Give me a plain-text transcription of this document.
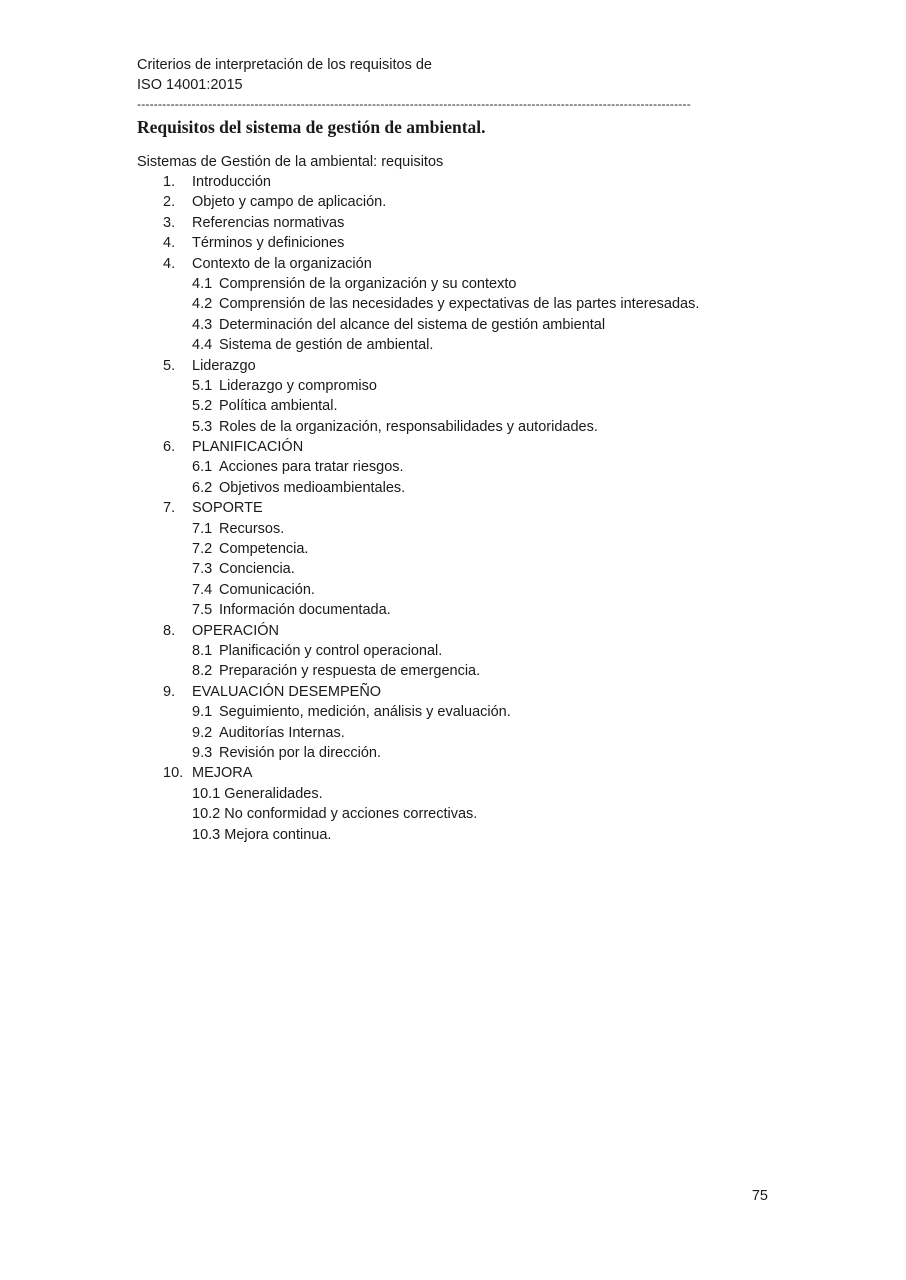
Criterios de interpretación de los requisitos de
ISO 14001:2015
------------------------------------------------------------------------------------------------------------------------------------
Requisitos del sistema de gestión de ambiental.
Sistemas de Gestión de la ambiental: requisitos
1.	Introducción
2.	Objeto y campo de aplicación.
3.	Referencias normativas
4.	Términos y definiciones
4.	Contexto de la organización
4.1 Comprensión de la organización y su contexto
4.2 Comprensión de las necesidades y expectativas de las partes interesadas.
4.3 Determinación del alcance del sistema de gestión ambiental
4.4 Sistema de gestión de ambiental.
5.	Liderazgo
5.1 Liderazgo y compromiso
5.2 Política ambiental.
5.3 Roles de la organización, responsabilidades y autoridades.
6.	PLANIFICACIÓN
6.1 Acciones para tratar riesgos.
6.2 Objetivos medioambientales.
7.	SOPORTE
7.1 Recursos.
7.2 Competencia.
7.3 Conciencia.
7.4 Comunicación.
7.5 Información documentada.
8.	OPERACIÓN
8.1 Planificación y control operacional.
8.2 Preparación y respuesta de emergencia.
9.	EVALUACIÓN DESEMPEÑO
9.1 Seguimiento, medición, análisis y evaluación.
9.2 Auditorías Internas.
9.3 Revisión por la dirección.
10. MEJORA
10.1 Generalidades.
10.2 No conformidad y acciones correctivas.
10.3 Mejora continua.
75
